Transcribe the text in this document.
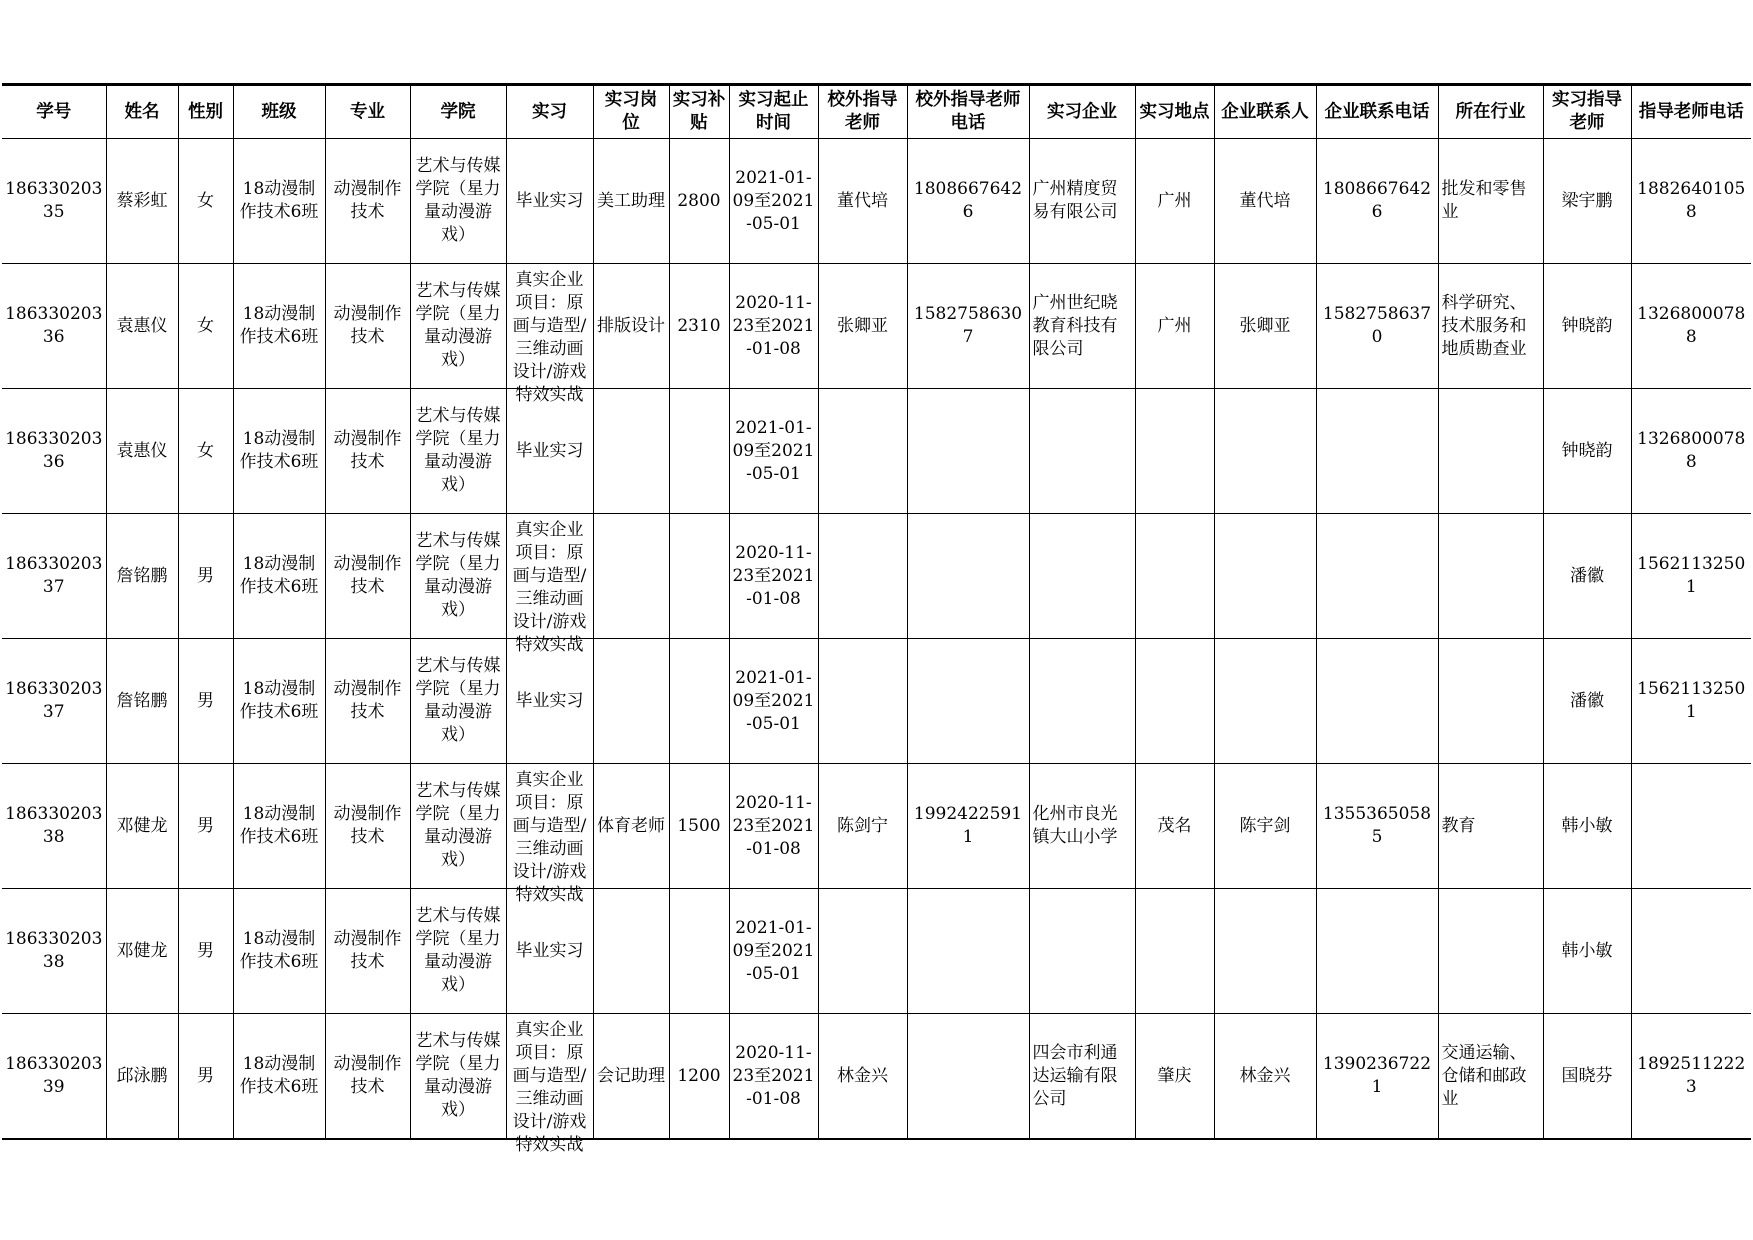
学号	姓名	性别	班级	专业	学院	实习	实习岗位	实习补贴	实习起止时间	校外指导老师	校外指导老师电话	实习企业	实习地点	企业联系人	企业联系电话	所在行业	实习指导老师	指导老师电话

18633020335	蔡彩虹	女	18动漫制作技术6班	动漫制作技术	艺术与传媒学院（星力量动漫游戏）	毕业实习	美工助理	2800	2021-01-09至2021-05-01	董代培	18086676426	广州精度贸易有限公司	广州	董代培	18086676426	批发和零售业	梁宇鹏	18826401058

18633020336	袁惠仪	女	18动漫制作技术6班	动漫制作技术	艺术与传媒学院（星力量动漫游戏）	真实企业项目：原画与造型/三维动画设计/游戏特效实战	排版设计	2310	2020-11-23至2021-01-08	张卿亚	15827586307	广州世纪晓教育科技有限公司	广州	张卿亚	15827586370	科学研究、技术服务和地质勘查业	钟晓韵	13268000788

18633020336	袁惠仪	女	18动漫制作技术6班	动漫制作技术	艺术与传媒学院（星力量动漫游戏）	毕业实习			2021-01-09至2021-05-01								钟晓韵	13268000788

18633020337	詹铭鹏	男	18动漫制作技术6班	动漫制作技术	艺术与传媒学院（星力量动漫游戏）	真实企业项目：原画与造型/三维动画设计/游戏特效实战			2020-11-23至2021-01-08								潘徽	15621132501

18633020337	詹铭鹏	男	18动漫制作技术6班	动漫制作技术	艺术与传媒学院（星力量动漫游戏）	毕业实习			2021-01-09至2021-05-01								潘徽	15621132501

18633020338	邓健龙	男	18动漫制作技术6班	动漫制作技术	艺术与传媒学院（星力量动漫游戏）	真实企业项目：原画与造型/三维动画设计/游戏特效实战	体育老师	1500	2020-11-23至2021-01-08	陈剑宁	19924225911	化州市良光镇大山小学	茂名	陈宇剑	13553650585	教育	韩小敏	

18633020338	邓健龙	男	18动漫制作技术6班	动漫制作技术	艺术与传媒学院（星力量动漫游戏）	毕业实习			2021-01-09至2021-05-01								韩小敏	

18633020339	邱泳鹏	男	18动漫制作技术6班	动漫制作技术	艺术与传媒学院（星力量动漫游戏）	真实企业项目：原画与造型/三维动画设计/游戏特效实战	会记助理	1200	2020-11-23至2021-01-08	林金兴		四会市利通达运输有限公司	肇庆	林金兴	13902367221	交通运输、仓储和邮政业	国晓芬	18925112223
